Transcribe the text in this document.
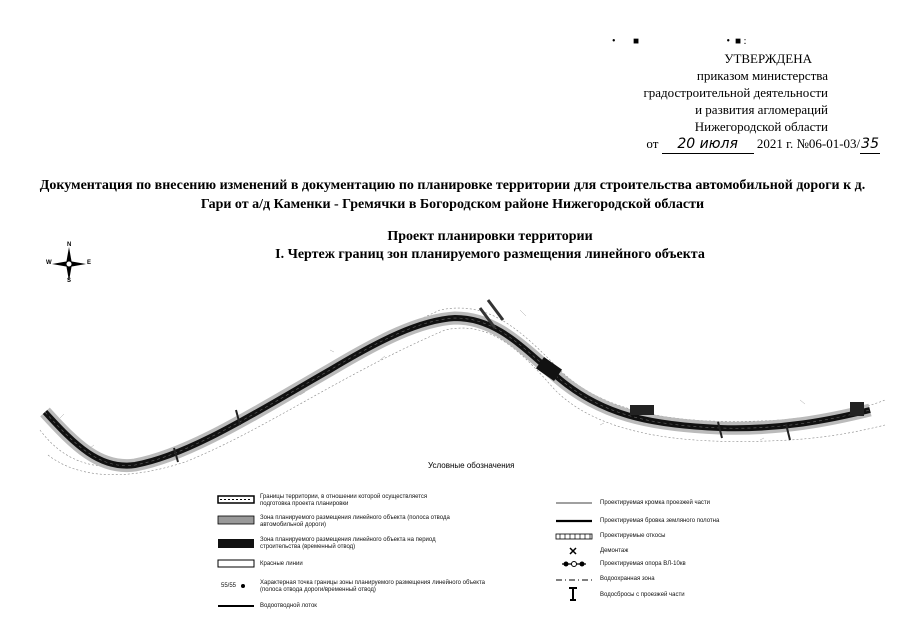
•       ■                                   •  ■ :
УТВЕРЖДЕНА
приказом министерства
градостроительной деятельности
и развития агломераций
Нижегородской области
от 20 июля 2021 г. №06-01-03/35
Документация по внесению изменений в документацию по планировке территории для строительства автомобильной дороги к д. Гари от а/д Каменки - Гремячки в Богородском районе Нижегородской области
Проект планировки территории
I. Чертеж границ зон планируемого размещения линейного объекта
N
S
W	E
Условные обозначения
Границы территории, в отношении которой осуществляется подготовка проекта планировки
Зона планируемого размещения линейного объекта (полоса отвода автомобильной дороги)
Зона планируемого размещения линейного объекта на период строительства (временный отвод)
Красные линии
55/55	Характерная точка границы зоны планируемого размещения линейного объекта (полоса отвода дороги/временный отвод)
Водоотводной лоток
Проектируемая кромка проезжей части
Проектируемая бровка земляного полотна
Проектируемые откосы
Демонтаж
Проектируемая опора ВЛ-10кв
Водоохранная зона
Водосбросы с проезжей части
